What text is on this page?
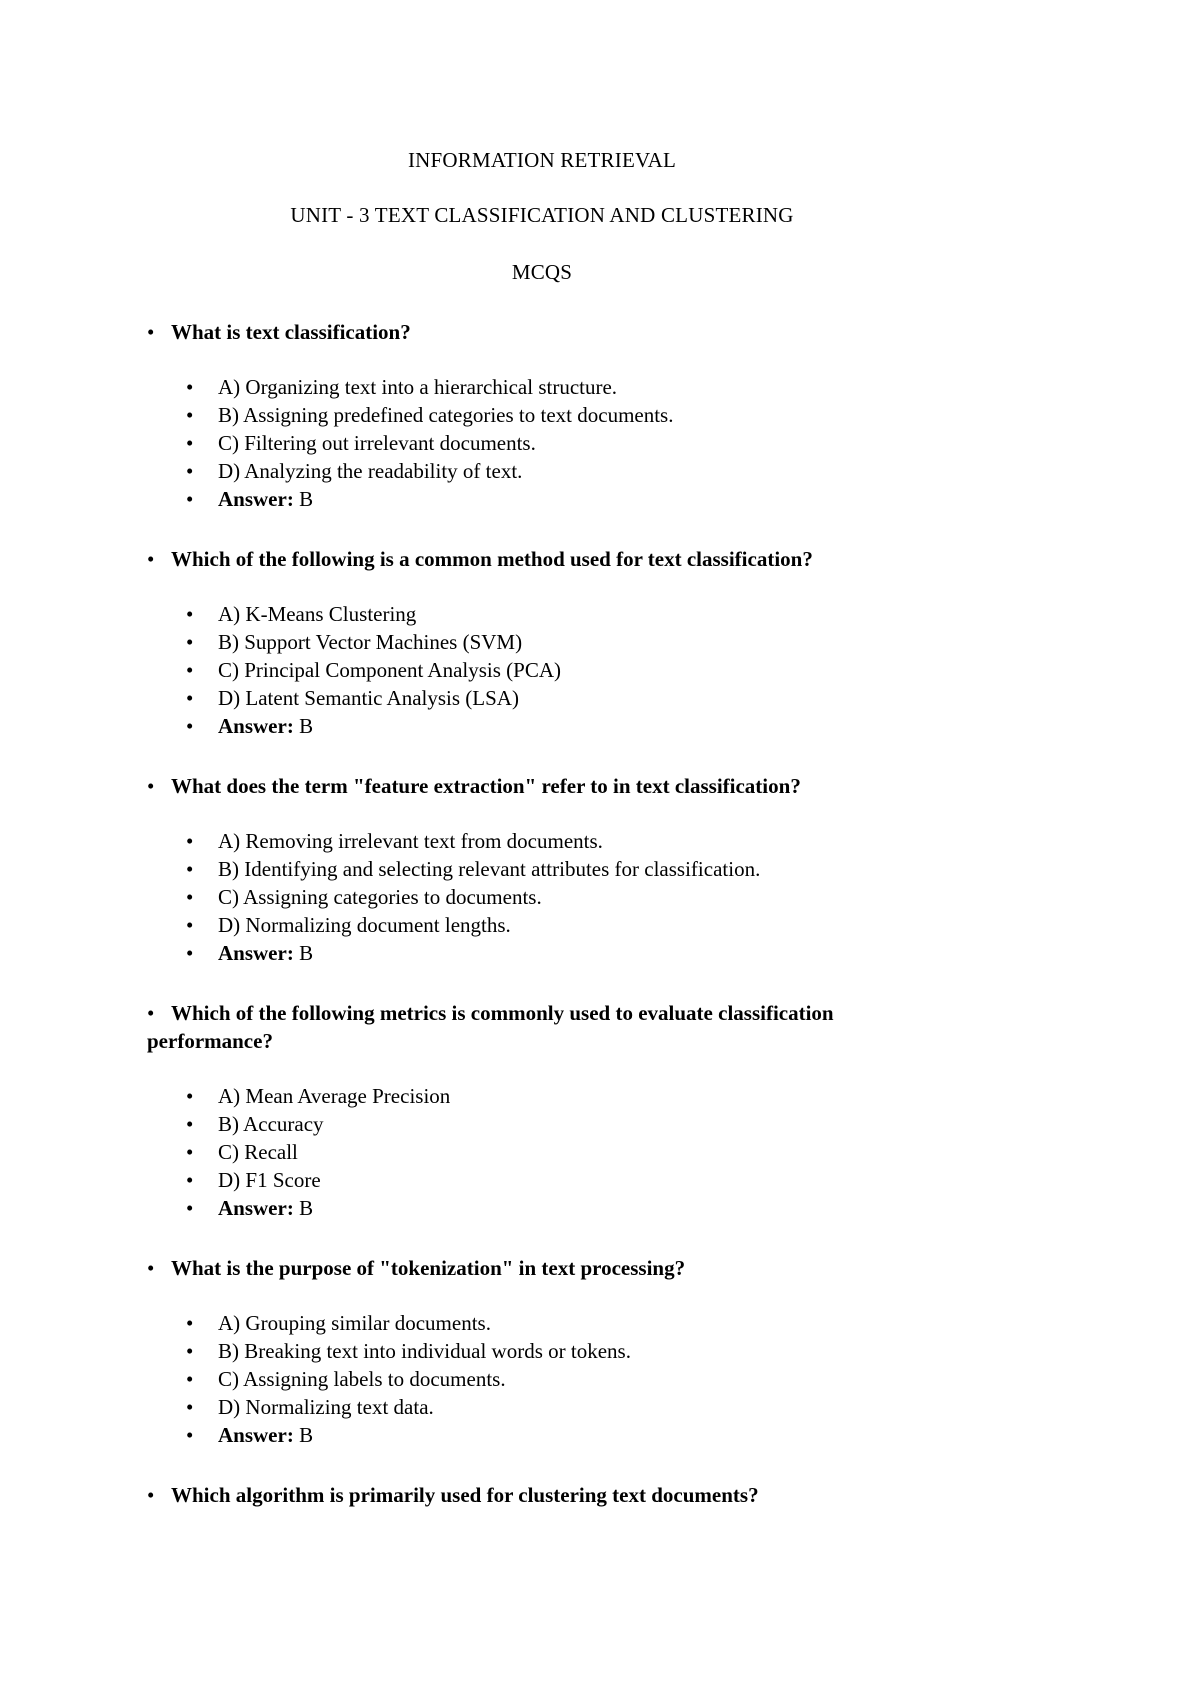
INFORMATION RETRIEVAL
UNIT - 3 TEXT CLASSIFICATION AND CLUSTERING
MCQS
• What is text classification?
• A) Organizing text into a hierarchical structure.
• B) Assigning predefined categories to text documents.
• C) Filtering out irrelevant documents.
• D) Analyzing the readability of text.
• Answer: B
• Which of the following is a common method used for text classification?
• A) K-Means Clustering
• B) Support Vector Machines (SVM)
• C) Principal Component Analysis (PCA)
• D) Latent Semantic Analysis (LSA)
• Answer: B
• What does the term "feature extraction" refer to in text classification?
• A) Removing irrelevant text from documents.
• B) Identifying and selecting relevant attributes for classification.
• C) Assigning categories to documents.
• D) Normalizing document lengths.
• Answer: B
• Which of the following metrics is commonly used to evaluate classification performance?
• A) Mean Average Precision
• B) Accuracy
• C) Recall
• D) F1 Score
• Answer: B
• What is the purpose of "tokenization" in text processing?
• A) Grouping similar documents.
• B) Breaking text into individual words or tokens.
• C) Assigning labels to documents.
• D) Normalizing text data.
• Answer: B
• Which algorithm is primarily used for clustering text documents?
